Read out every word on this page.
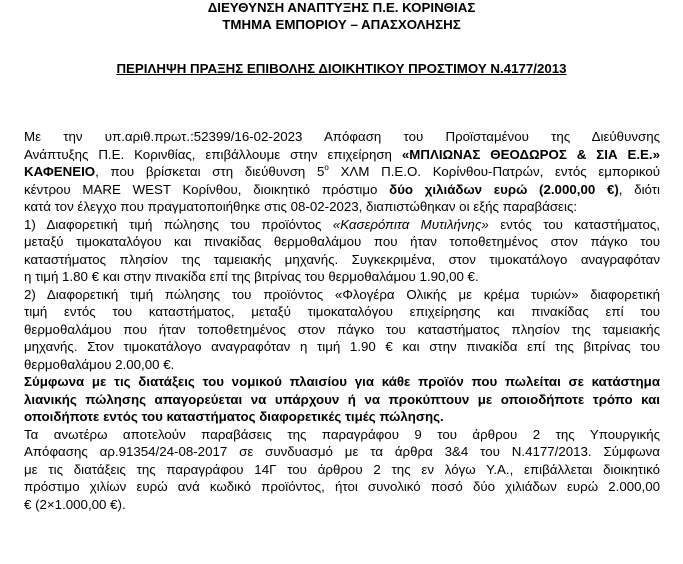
ΔΙΕΥΘΥΝΣΗ ΑΝΑΠΤΥΞΗΣ Π.Ε. ΚΟΡΙΝΘΙΑΣ
ΤΜΗΜΑ ΕΜΠΟΡΙΟΥ – ΑΠΑΣΧΟΛΗΣΗΣ
ΠΕΡΙΛΗΨΗ ΠΡΑΞΗΣ ΕΠΙΒΟΛΗΣ ΔΙΟΙΚΗΤΙΚΟΥ ΠΡΟΣΤΙΜΟΥ Ν.4177/2013
Με την υπ.αριθ.πρωτ.:52399/16-02-2023 Απόφαση του Προϊσταμένου της Διεύθυνσης
Ανάπτυξης Π.Ε. Κορινθίας, επιβάλλουμε στην επιχείρηση «ΜΠΛΙΩΝΑΣ ΘΕΟΔΩΡΟΣ & ΣΙΑ Ε.Ε.»
ΚΑΦΕΝΕΙΟ, που βρίσκεται στη διεύθυνση $5^o$ ΧΛΜ Π.Ε.Ο. Κορίνθου-Πατρών, εντός εμπορικού
κέντρου MARE WEST Κορίνθου, διοικητικό πρόστιμο δύο χιλιάδων ευρώ (2.000,00 €), διότι
κατά τον έλεγχο που πραγματοποιήθηκε στις 08-02-2023, διαπιστώθηκαν οι εξής παραβάσεις:
1) Διαφορετική τιμή πώλησης του προϊόντος «Κασερόπιτα Μυτιλήνης» εντός του καταστήματος,
μεταξύ τιμοκαταλόγου και πινακίδας θερμοθαλάμου που ήταν τοποθετημένος στον πάγκο του
καταστήματος πλησίον της ταμειακής μηχανής. Συγκεκριμένα, στον τιμοκατάλογο αναγραφόταν
η τιμή 1.80 € και στην πινακίδα επί της βιτρίνας του θερμοθαλάμου 1.90,00 €.
2) Διαφορετική τιμή πώλησης του προϊόντος «Φλογέρα Ολικής με κρέμα τυριών» διαφορετική
τιμή εντός του καταστήματος, μεταξύ τιμοκαταλόγου επιχείρησης και πινακίδας επί του
θερμοθαλάμου που ήταν τοποθετημένος στον πάγκο του καταστήματος πλησίον της ταμειακής
μηχανής. Στον τιμοκατάλογο αναγραφόταν η τιμή 1.90 € και στην πινακίδα επί της βιτρίνας του
θερμοθαλάμου 2.00,00 €.
Σύμφωνα με τις διατάξεις του νομικού πλαισίου για κάθε προϊόν που πωλείται σε κατάστημα
λιανικής πώλησης απαγορεύεται να υπάρχουν ή να προκύπτουν με οποιοδήποτε τρόπο και
οποιδήποτε εντός του καταστήματος διαφορετικές τιμές πώλησης.
Τα ανωτέρω αποτελούν παραβάσεις της παραγράφου 9 του άρθρου 2 της Υπουργικής
Απόφασης αρ.91354/24-08-2017 σε συνδυασμό με τα άρθρα 3&4 του Ν.4177/2013. Σύμφωνα
με τις διατάξεις της παραγράφου 14Γ του άρθρου 2 της εν λόγω Υ.Α., επιβάλλεται διοικητικό
πρόστιμο χιλίων ευρώ ανά κωδικό προϊόντος, ήτοι συνολικό ποσό δύο χιλιάδων ευρώ 2.000,00
€ (2×1.000,00 €).
